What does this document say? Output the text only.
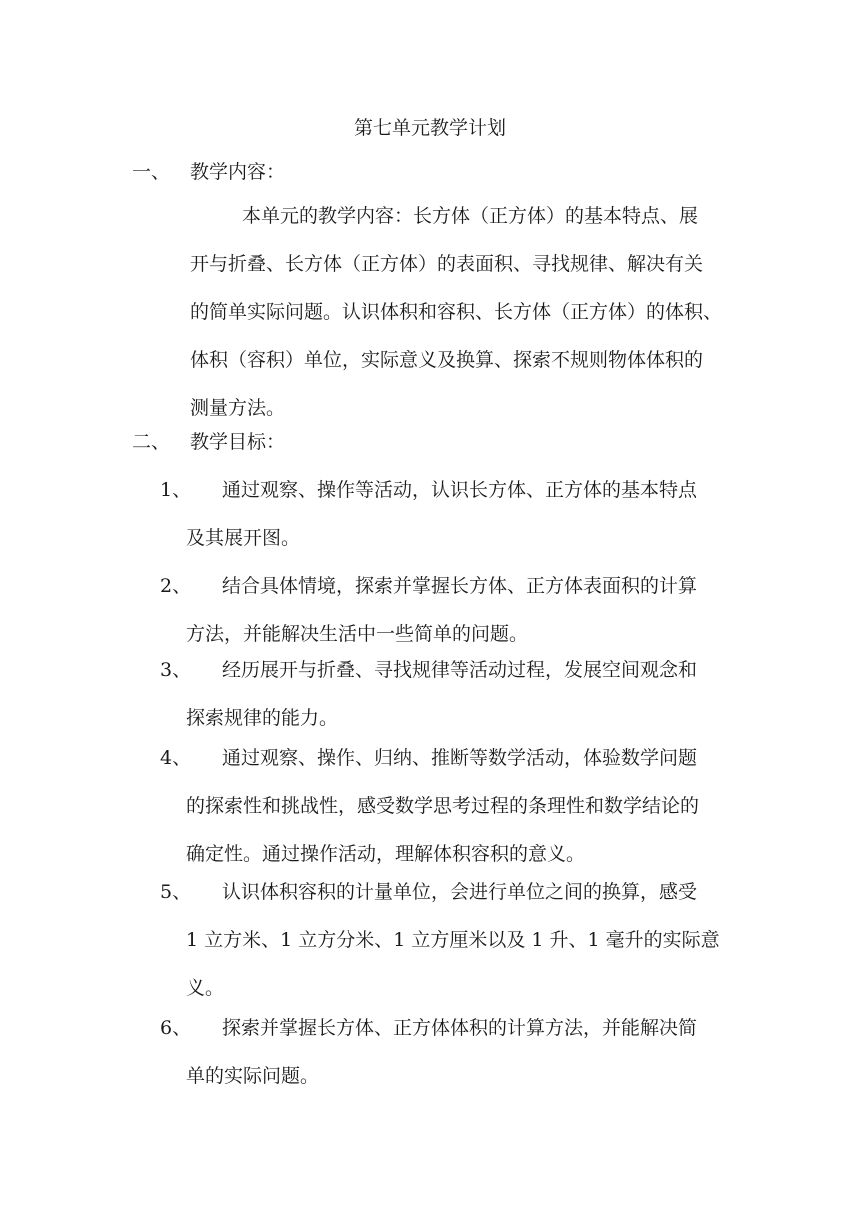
第七单元教学计划
一、 教学内容：
本单元的教学内容：长方体（正方体）的基本特点、展
开与折叠、长方体（正方体）的表面积、寻找规律、解决有关
的简单实际问题。认识体积和容积、长方体（正方体）的体积、
体积（容积）单位，实际意义及换算、探索不规则物体体积的
测量方法。
二、 教学目标：
1、	通过观察、操作等活动，认识长方体、正方体的基本特点
及其展开图。
2、	结合具体情境，探索并掌握长方体、正方体表面积的计算
方法，并能解决生活中一些简单的问题。
3、	经历展开与折叠、寻找规律等活动过程，发展空间观念和
探索规律的能力。
4、	通过观察、操作、归纳、推断等数学活动，体验数学问题
的探索性和挑战性，感受数学思考过程的条理性和数学结论的
确定性。通过操作活动，理解体积容积的意义。
5、	认识体积容积的计量单位，会进行单位之间的换算，感受
1 立方米、1 立方分米、1 立方厘米以及 1 升、1 毫升的实际意
义。
6、	探索并掌握长方体、正方体体积的计算方法，并能解决简
单的实际问题。
